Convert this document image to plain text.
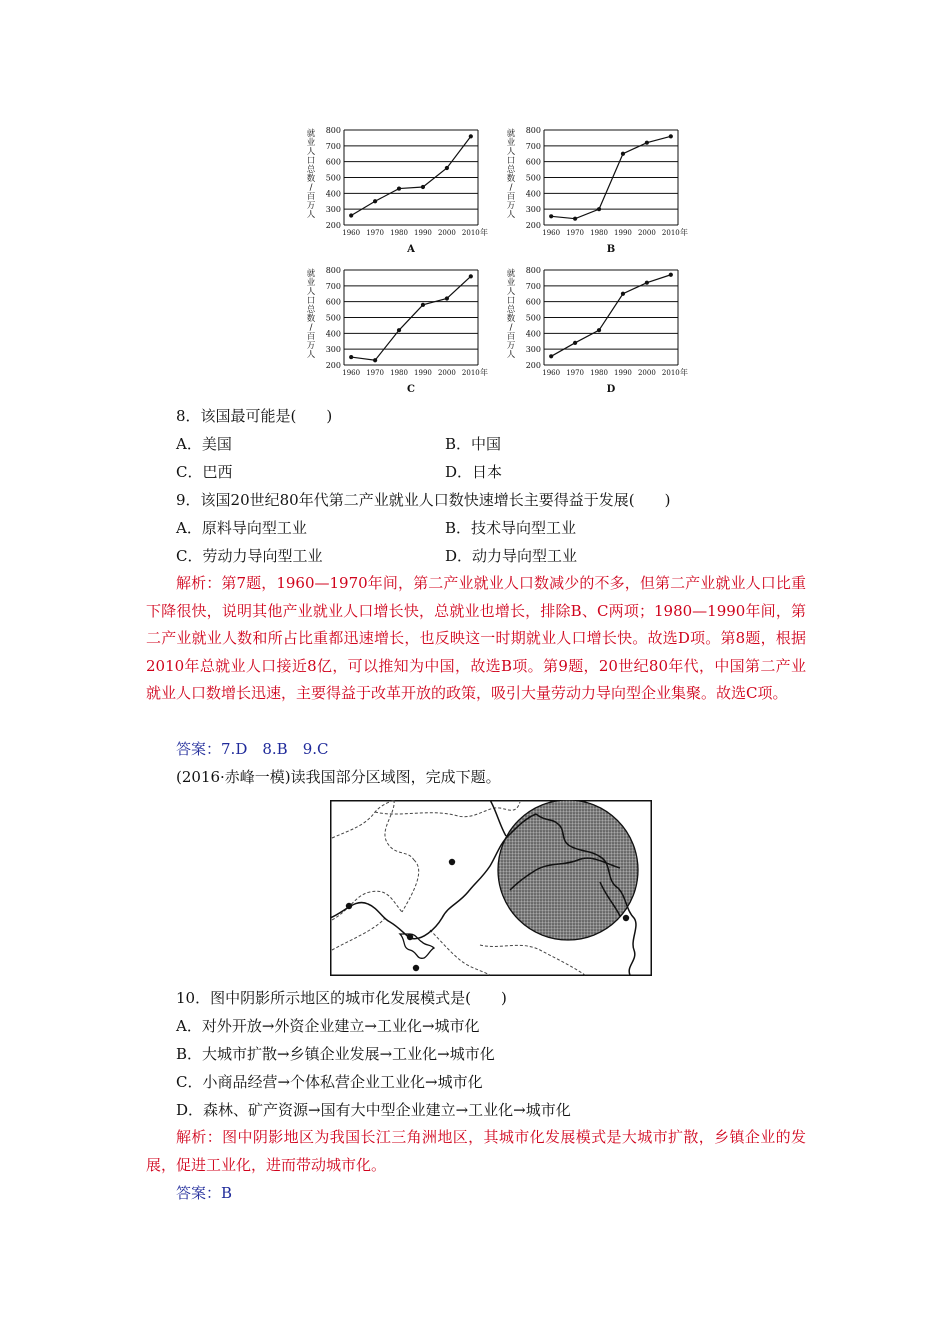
200
300
400
500
600
700
800
1960 1970 1980 1990 2000 2010 年
就
业
人
口
总
数
/
百
万
人
A
200
300
400
500
600
700
800
1960 1970 1980 1990 2000 2010 年
就
业
人
口
总
数
/
百
万
人
B
200
300
400
500
600
700
800
1960 1970 1980 1990 2000 2010 年
就
业
人
口
总
数
/
百
万
人
C
200
300
400
500
600
700
800
1960 1970 1980 1990 2000 2010 年
就
业
人
口
总
数
/
百
万
人
D
8．该国最可能是(　　)
A．美国	B．中国
C．巴西	D．日本
9．该国20世纪80年代第二产业就业人口数快速增长主要得益于发展(　　)
A．原料导向型工业	B．技术导向型工业
C．劳动力导向型工业	D．动力导向型工业
解析：第7题，1960—1970年间，第二产业就业人口数减少的不多，但第二产业就业人口比重下降很快，说明其他产业就业人口增长快，总就业也增长，排除B、C两项；1980—1990年间，第二产业就业人数和所占比重都迅速增长，也反映这一时期就业人口增长快。故选D项。第8题，根据2010年总就业人口接近8亿，可以推知为中国，故选B项。第9题，20世纪80年代，中国第二产业就业人口数增长迅速，主要得益于改革开放的政策，吸引大量劳动力导向型企业集聚。故选C项。
答案：7.D　8.B　9.C
(2016·赤峰一模)读我国部分区域图，完成下题。
10．图中阴影所示地区的城市化发展模式是(　　)
A．对外开放→外资企业建立→工业化→城市化
B．大城市扩散→乡镇企业发展→工业化→城市化
C．小商品经营→个体私营企业工业化→城市化
D．森林、矿产资源→国有大中型企业建立→工业化→城市化
解析：图中阴影地区为我国长江三角洲地区，其城市化发展模式是大城市扩散，乡镇企业的发展，促进工业化，进而带动城市化。
答案：B
